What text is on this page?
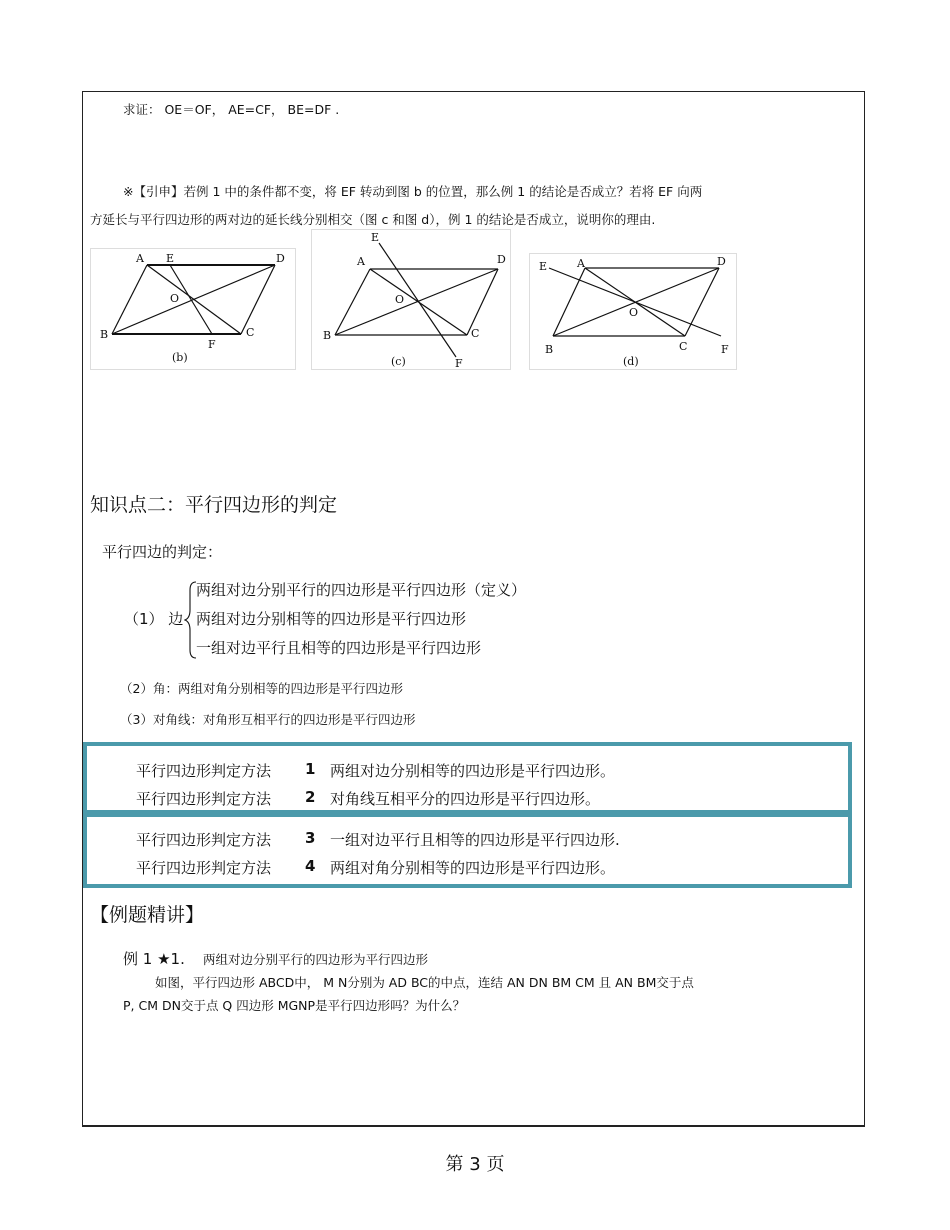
求证： OE＝OF， AE=CF， BE=DF .
※【引申】若例 1 中的条件都不变，将 EF 转动到图 b 的位置，那么例 1 的结论是否成立？若将 EF 向两
方延长与平行四边形的两对边的延长线分别相交（图 c 和图 d），例 1 的结论是否成立，说明你的理由.
A E	D
O
B	C
F
(b)
E
A	D
O
B	C
F
(c)
E	A	D
O
B	C	F
(d)
知识点二：平行四边形的判定
平行四边的判定：
（1） 边
两组对边分别平行的四边形是平行四边形（定义）
两组对边分别相等的四边形是平行四边形
一组对边平行且相等的四边形是平行四边形
（2）角：两组对角分别相等的四边形是平行四边形
（3）对角线：对角形互相平行的四边形是平行四边形
平行四边形判定方法 1 两组对边分别相等的四边形是平行四边形。
平行四边形判定方法 2 对角线互相平分的四边形是平行四边形。
平行四边形判定方法 3 一组对边平行且相等的四边形是平行四边形.
平行四边形判定方法 4 两组对角分别相等的四边形是平行四边形。
【例题精讲】
例 1 ★1. 两组对边分别平行的四边形为平行四边形
如图，平行四边形 ABCD中， M N分别为 AD BC的中点，连结 AN DN BM CM 且 AN BM交于点
P, CM DN交于点 Q 四边形 MGNP是平行四边形吗？为什么？
第 3 页
